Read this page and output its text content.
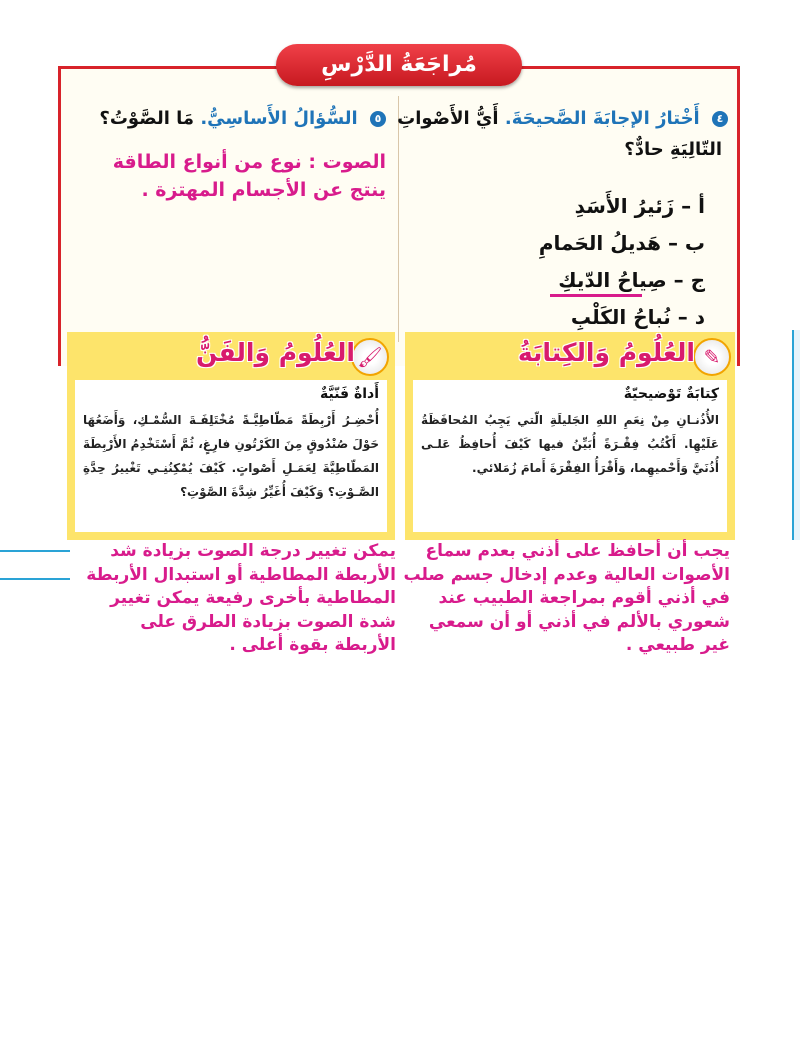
مُراجَعَةُ الدَّرْسِ
٤ أَخْتارُ الإجابَةَ الصَّحيحَةَ. أَيُّ الأَصْواتِ
التّالِيَةِ حادٌّ؟
أ – زَئيرُ الأَسَدِ
ب – هَديلُ الحَمامِ
ج – صِياحُ الدّيكِ
د – نُباحُ الكَلْبِ
٥ السُّؤالُ الأَساسِيُّ. مَا الصَّوْتُ؟
الصوت : نوع من أنواع الطاقة ينتج عن الأجسام المهتزة .
✎
العُلُومُ وَالكِتابَةُ
كِتابَةٌ تَوْضيحيّةٌ
الأُذُنـانِ مِنْ نِعَمِ اللهِ الجَليلَةِ الّتي يَجِبُ المُحافَظَةُ عَلَيْهِا. أَكْتُبُ فِقْـرَةً أُبَيِّنُ فيها كَيْفَ أُحافِظُ عَلـى أُذُنَيَّ وَأَحْميهِما، وَأَقْرَأُ الفِقْرَةَ أَمامَ زُمَلائي.
🖌
العُلُومُ وَالفَنُّ
أَداةٌ فَنّيَّةٌ
أُحْضِـرُ أَرْبِطَةً مَطّاطِيَّـةً مُخْتَلِفَـةَ السُّمْـكِ، وَأَضَعُهَا حَوْلَ صُنْدُوقٍ مِنَ الكَرْتُونِ فارِغٍ، ثُمَّ أَسْتَخْدِمُ الأَرْبِطَةَ المَطّاطِيَّةَ لِعَمَـلِ أَصْواتٍ. كَيْفَ يُمْكِنُنِـي تَغْييرُ حِدَّةِ الصَّـوْتِ؟ وَكَيْفَ أُغَيِّرُ شِدَّةَ الصَّوْتِ؟
يجب أن أحافظ على أذني بعدم سماع الأصوات العالية وعدم إدخال جسم صلب في أذني أقوم بمراجعة الطبيب عند شعوري بالألم في أذني أو أن سمعي غير طبيعي .
يمكن تغيير درجة الصوت بزيادة شد الأربطة المطاطية أو استبدال الأربطة المطاطية بأخرى رفيعة يمكن تغيير شدة الصوت بزيادة الطرق على الأربطة بقوة أعلى .
